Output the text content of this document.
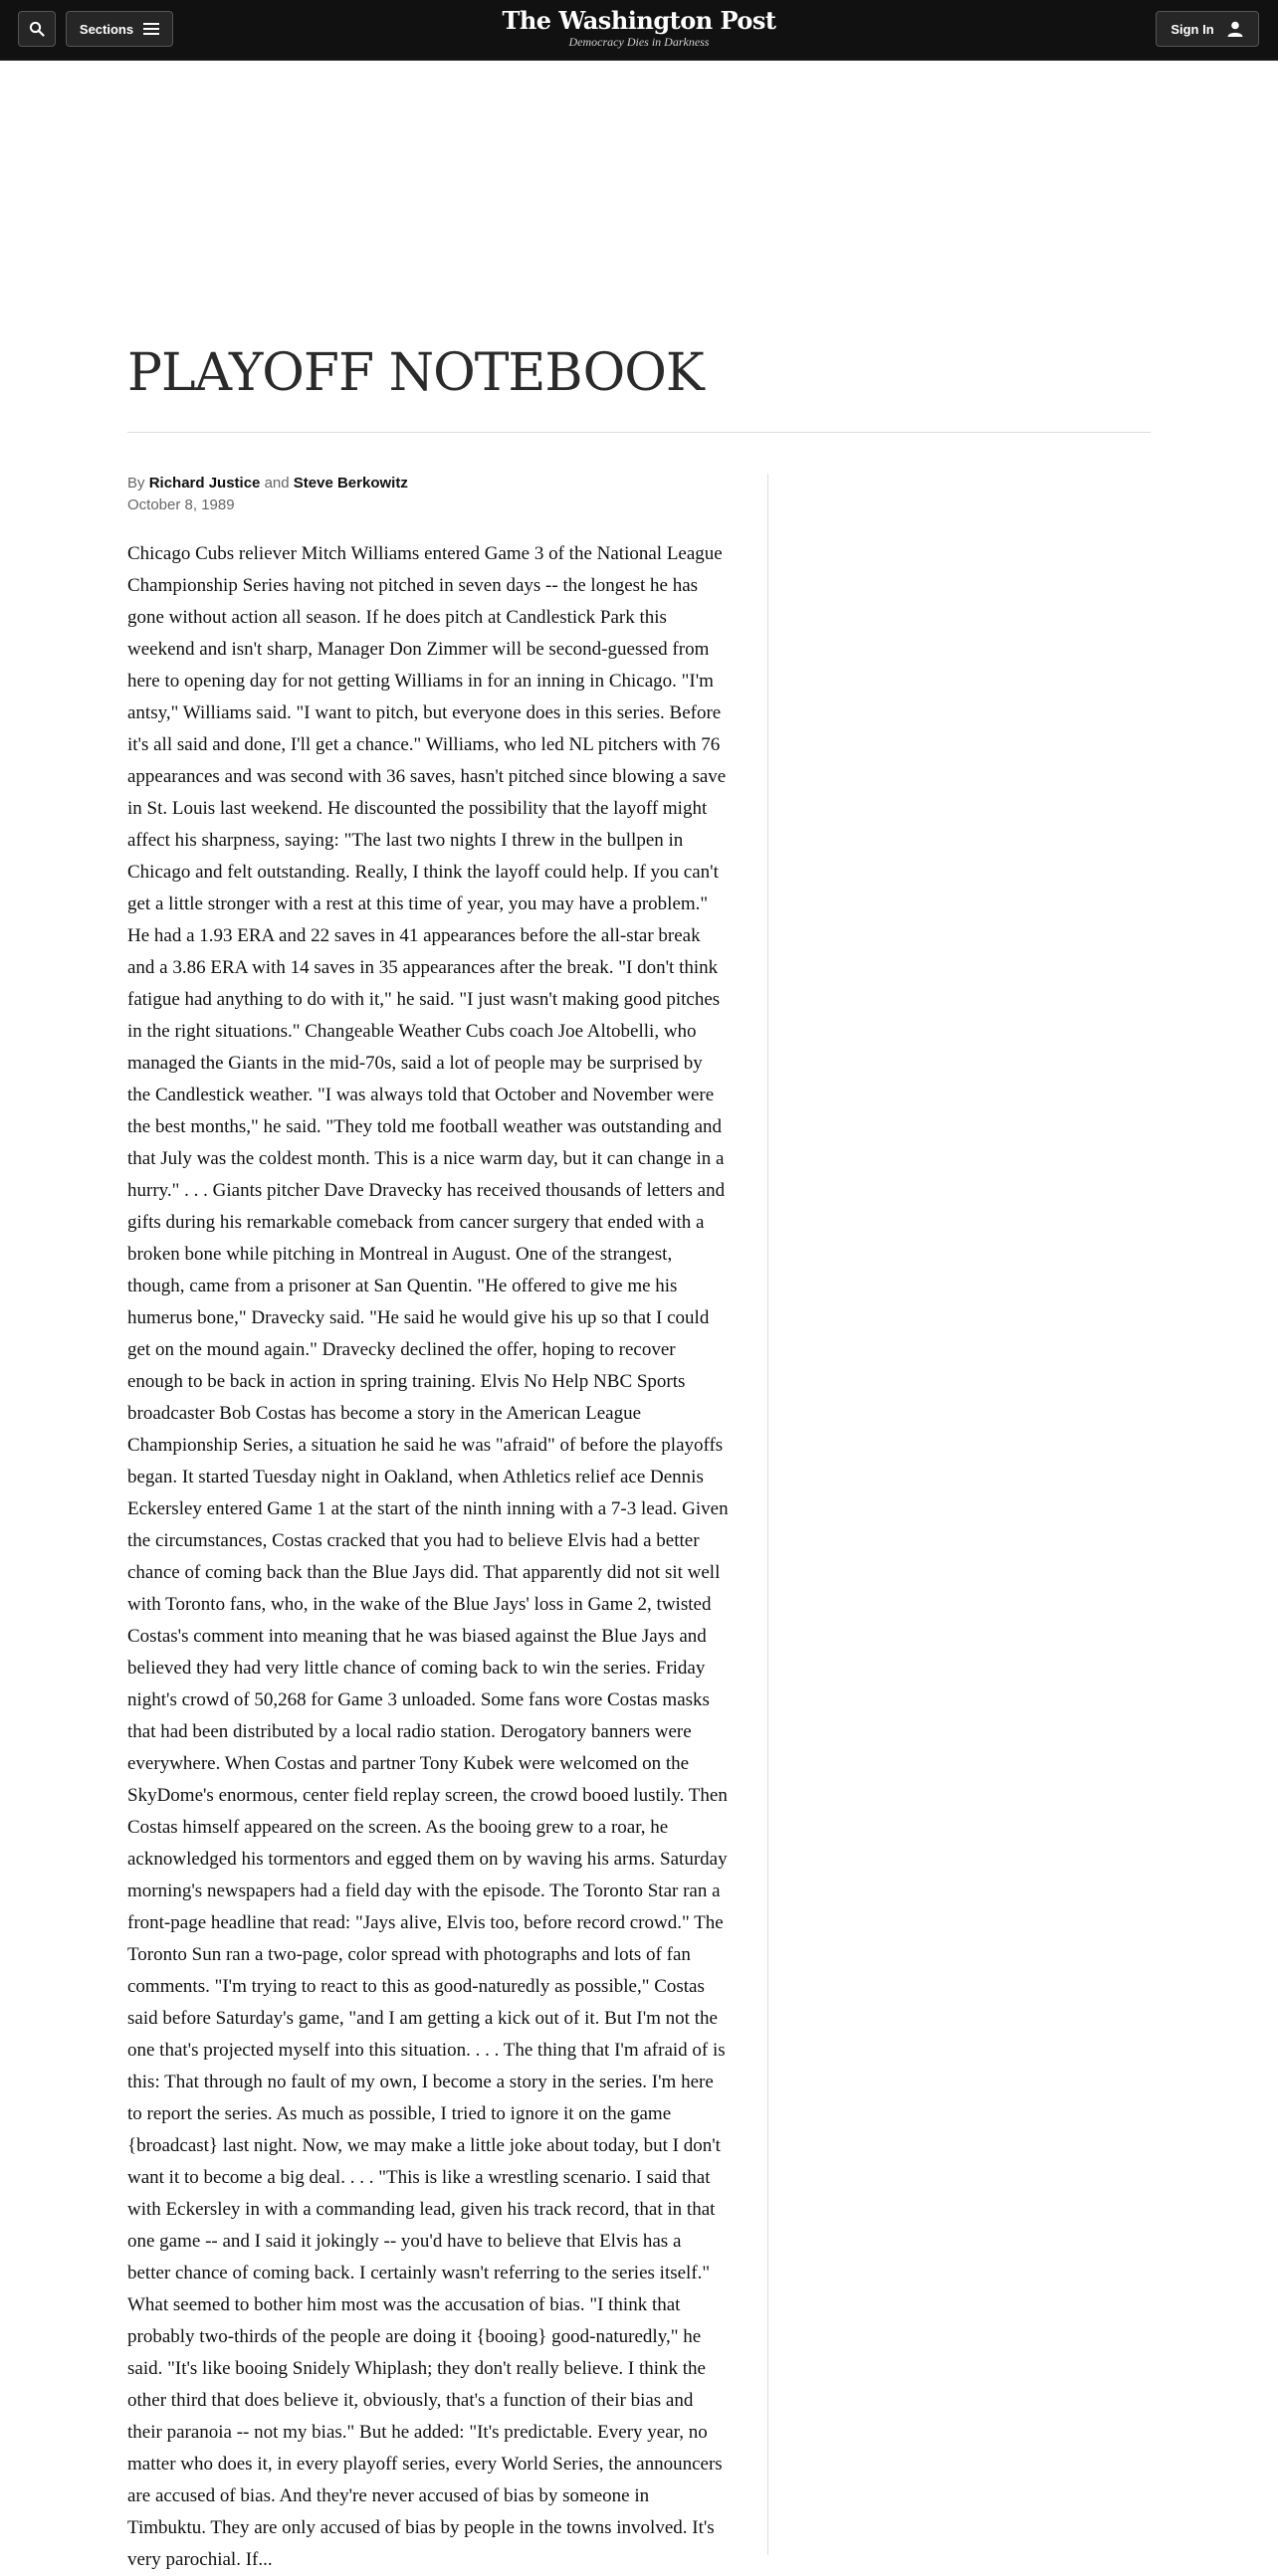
Sections	The Washington Post
Democracy Dies in Darkness
Sign In
PLAYOFF NOTEBOOK
By Richard Justice and Steve Berkowitz
October 8, 1989

Chicago Cubs reliever Mitch Williams entered Game 3 of the National League Championship Series having not pitched in seven days -- the longest he has gone without action all season. If he does pitch at Candlestick Park this weekend and isn't sharp, Manager Don Zimmer will be second-guessed from here to opening day for not getting Williams in for an inning in Chicago. "I'm antsy," Williams said. "I want to pitch, but everyone does in this series. Before it's all said and done, I'll get a chance." Williams, who led NL pitchers with 76 appearances and was second with 36 saves, hasn't pitched since blowing a save in St. Louis last weekend. He discounted the possibility that the layoff might affect his sharpness, saying: "The last two nights I threw in the bullpen in Chicago and felt outstanding. Really, I think the layoff could help. If you can't get a little stronger with a rest at this time of year, you may have a problem." He had a 1.93 ERA and 22 saves in 41 appearances before the all-star break and a 3.86 ERA with 14 saves in 35 appearances after the break. "I don't think fatigue had anything to do with it," he said. "I just wasn't making good pitches in the right situations." Changeable Weather Cubs coach Joe Altobelli, who managed the Giants in the mid-70s, said a lot of people may be surprised by the Candlestick weather. "I was always told that October and November were the best months," he said. "They told me football weather was outstanding and that July was the coldest month. This is a nice warm day, but it can change in a hurry." . . . Giants pitcher Dave Dravecky has received thousands of letters and gifts during his remarkable comeback from cancer surgery that ended with a broken bone while pitching in Montreal in August. One of the strangest, though, came from a prisoner at San Quentin. "He offered to give me his humerus bone," Dravecky said. "He said he would give his up so that I could get on the mound again." Dravecky declined the offer, hoping to recover enough to be back in action in spring training. Elvis No Help NBC Sports broadcaster Bob Costas has become a story in the American League Championship Series, a situation he said he was "afraid" of before the playoffs began. It started Tuesday night in Oakland, when Athletics relief ace Dennis Eckersley entered Game 1 at the start of the ninth inning with a 7-3 lead. Given the circumstances, Costas cracked that you had to believe Elvis had a better chance of coming back than the Blue Jays did. That apparently did not sit well with Toronto fans, who, in the wake of the Blue Jays' loss in Game 2, twisted Costas's comment into meaning that he was biased against the Blue Jays and believed they had very little chance of coming back to win the series. Friday night's crowd of 50,268 for Game 3 unloaded. Some fans wore Costas masks that had been distributed by a local radio station. Derogatory banners were everywhere. When Costas and partner Tony Kubek were welcomed on the SkyDome's enormous, center field replay screen, the crowd booed lustily. Then Costas himself appeared on the screen. As the booing grew to a roar, he acknowledged his tormentors and egged them on by waving his arms. Saturday morning's newspapers had a field day with the episode. The Toronto Star ran a front-page headline that read: "Jays alive, Elvis too, before record crowd." The Toronto Sun ran a two-page, color spread with photographs and lots of fan comments. "I'm trying to react to this as good-naturedly as possible," Costas said before Saturday's game, "and I am getting a kick out of it. But I'm not the one that's projected myself into this situation. . . . The thing that I'm afraid of is this: That through no fault of my own, I become a story in the series. I'm here to report the series. As much as possible, I tried to ignore it on the game {broadcast} last night. Now, we may make a little joke about today, but I don't want it to become a big deal. . . . "This is like a wrestling scenario. I said that with Eckersley in with a commanding lead, given his track record, that in that one game -- and I said it jokingly -- you'd have to believe that Elvis has a better chance of coming back. I certainly wasn't referring to the series itself." What seemed to bother him most was the accusation of bias. "I think that probably two-thirds of the people are doing it {booing} good-naturedly," he said. "It's like booing Snidely Whiplash; they don't really believe. I think the other third that does believe it, obviously, that's a function of their bias and their paranoia -- not my bias." But he added: "It's predictable. Every year, no matter who does it, in every playoff series, every World Series, the announcers are accused of bias. And they're never accused of bias by someone in Timbuktu. They are only accused of bias by people in the towns involved. It's very parochial. If...
